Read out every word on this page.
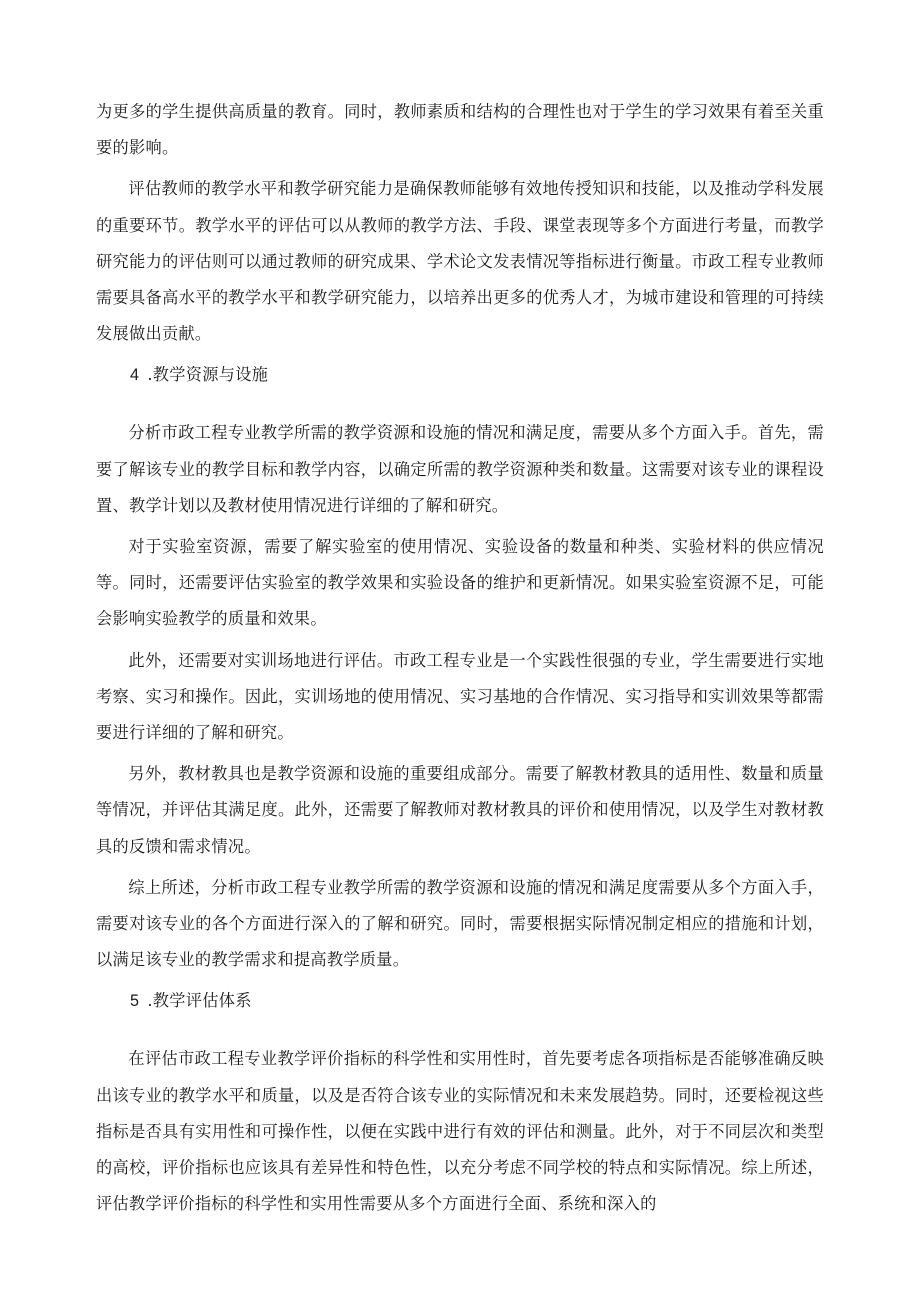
为更多的学生提供高质量的教育。同时，教师素质和结构的合理性也对于学生的学习效果有着至关重要的影响。

评估教师的教学水平和教学研究能力是确保教师能够有效地传授知识和技能，以及推动学科发展的重要环节。教学水平的评估可以从教师的教学方法、手段、课堂表现等多个方面进行考量，而教学研究能力的评估则可以通过教师的研究成果、学术论文发表情况等指标进行衡量。市政工程专业教师需要具备高水平的教学水平和教学研究能力，以培养出更多的优秀人才，为城市建设和管理的可持续发展做出贡献。

4 .教学资源与设施

分析市政工程专业教学所需的教学资源和设施的情况和满足度，需要从多个方面入手。首先，需要了解该专业的教学目标和教学内容，以确定所需的教学资源种类和数量。这需要对该专业的课程设置、教学计划以及教材使用情况进行详细的了解和研究。

对于实验室资源，需要了解实验室的使用情况、实验设备的数量和种类、实验材料的供应情况等。同时，还需要评估实验室的教学效果和实验设备的维护和更新情况。如果实验室资源不足，可能会影响实验教学的质量和效果。

此外，还需要对实训场地进行评估。市政工程专业是一个实践性很强的专业，学生需要进行实地考察、实习和操作。因此，实训场地的使用情况、实习基地的合作情况、实习指导和实训效果等都需要进行详细的了解和研究。

另外，教材教具也是教学资源和设施的重要组成部分。需要了解教材教具的适用性、数量和质量等情况，并评估其满足度。此外，还需要了解教师对教材教具的评价和使用情况，以及学生对教材教具的反馈和需求情况。

综上所述，分析市政工程专业教学所需的教学资源和设施的情况和满足度需要从多个方面入手，需要对该专业的各个方面进行深入的了解和研究。同时，需要根据实际情况制定相应的措施和计划，以满足该专业的教学需求和提高教学质量。

5 .教学评估体系

在评估市政工程专业教学评价指标的科学性和实用性时，首先要考虑各项指标是否能够准确反映出该专业的教学水平和质量，以及是否符合该专业的实际情况和未来发展趋势。同时，还要检视这些指标是否具有实用性和可操作性，以便在实践中进行有效的评估和测量。此外，对于不同层次和类型的高校，评价指标也应该具有差异性和特色性，以充分考虑不同学校的特点和实际情况。综上所述，评估教学评价指标的科学性和实用性需要从多个方面进行全面、系统和深入的
